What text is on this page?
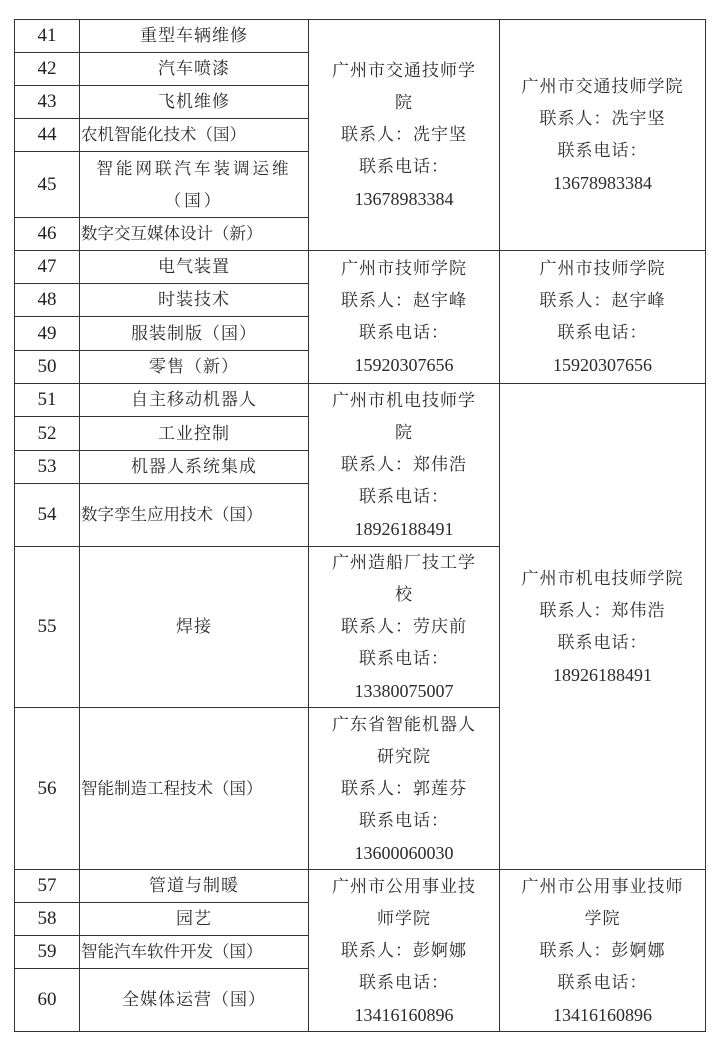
41	重型车辆维修	广州市交通技师学
院
联系人：冼宇坚
联系电话：
13678983384	广州市交通技师学院
联系人：冼宇坚
联系电话：
13678983384

42	汽车喷漆		
43	飞机维修		
44	农机智能化技术（国）		
45	智能网联汽车装调运维（国）		
46	数字交互媒体设计（新）		
47	电气装置	广州市技师学院
联系人：赵宇峰
联系电话：
15920307656	广州市技师学院
联系人：赵宇峰
联系电话：
15920307656

48	时装技术		
49	服装制版（国）		
50	零售（新）		
51	自主移动机器人	广州市机电技师学
院
联系人：郑伟浩
联系电话：
18926188491	广州市机电技师学院
联系人：郑伟浩
联系电话：
18926188491

52	工业控制		
53	机器人系统集成		
54	数字孪生应用技术（国）		
55	焊接	广州造船厂技工学
校
联系人：劳庆前
联系电话：
13380075007	

56	智能制造工程技术（国）	广东省智能机器人
研究院
联系人：郭莲芬
联系电话：
13600060030	

57	管道与制暖	广州市公用事业技
师学院
联系人：彭婀娜
联系电话：
13416160896	广州市公用事业技师
学院
联系人：彭婀娜
联系电话：
13416160896

58	园艺		
59	智能汽车软件开发（国）		
60	全媒体运营（国）		
